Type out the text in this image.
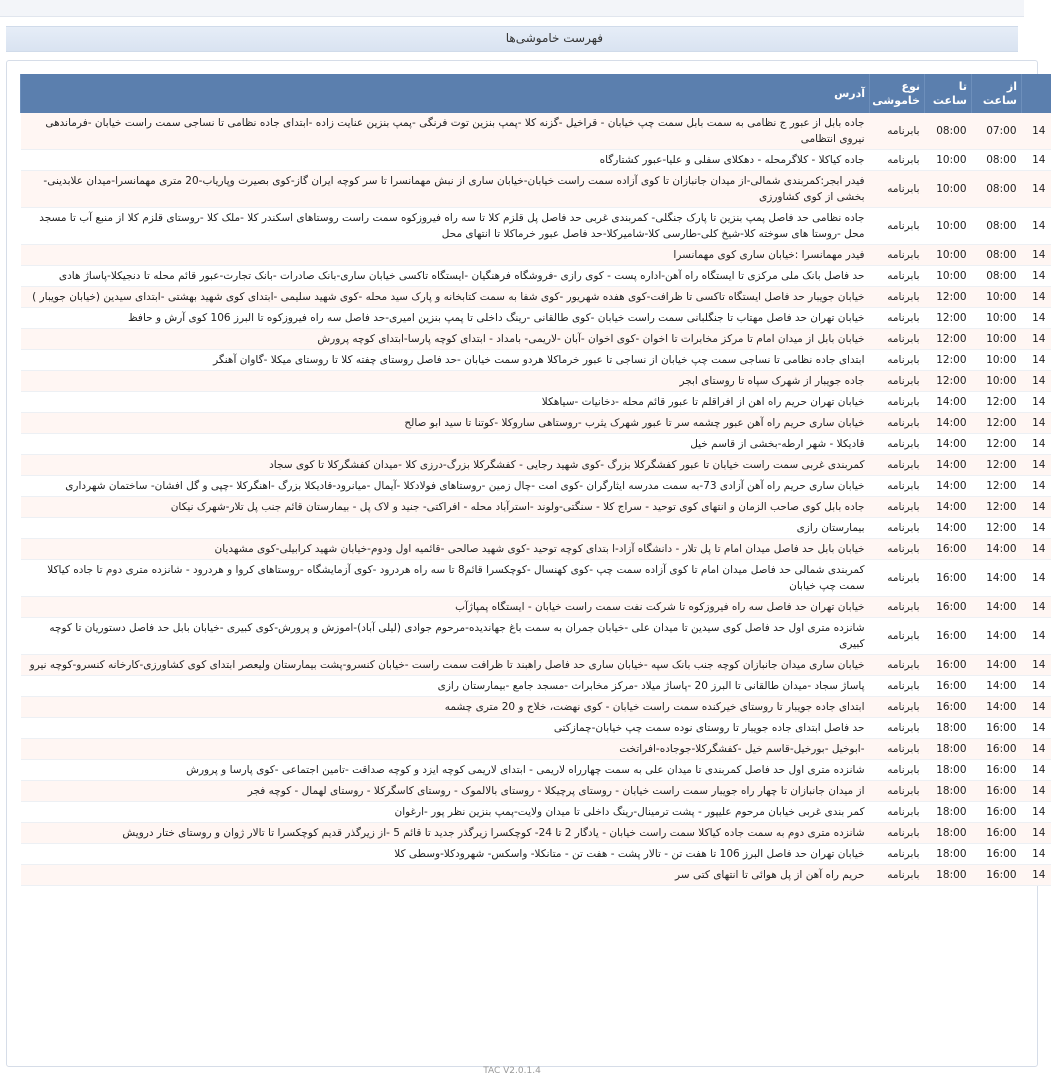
فهرست خاموشی‌ها
	از ساعت	تا ساعت	نوع خاموشی	آدرس
14	07:00	08:00	بابرنامه	جاده بابل از عبور ج نظامی به سمت بابل سمت چپ خیابان - قراخیل -گزنه کلا -پمپ بنزین توت فرنگی -پمپ بنزین عنایت زاده -ابتدای جاده نظامی تا نساجی سمت راست خیابان -فرماندهی نیروی انتظامی
14	08:00	10:00	بابرنامه	جاده کیاکلا - کلاگرمحله - دهکلای سفلی و علیا-عبور کشتارگاه
14	08:00	10:00	بابرنامه	فیدر ابجر:کمربندی شمالی-از میدان جانبازان تا کوی آزاده سمت راست خیابان-خیابان ساری از نبش مهمانسرا تا سر کوچه ایران گاز-کوی بصیرت وپاریاب-20 متری مهمانسرا-میدان علابدینی-بخشی از کوی کشاورزی
14	08:00	10:00	بابرنامه	جاده نظامی حد فاصل پمپ بنزین تا پارک جنگلی- کمربندی غربی حد فاصل پل قلزم کلا تا سه راه فیروزکوه سمت راست روستاهای اسکندر کلا -ملک کلا -روستای قلزم کلا از منبع آب تا مسجد محل -روستا های سوخته کلا-شیخ کلی-طارسی کلا-شامیرکلا-حد فاصل عبور خرماکلا تا انتهای محل
14	08:00	10:00	بابرنامه	فیدر مهمانسرا :خیابان ساری کوی مهمانسرا
14	08:00	10:00	بابرنامه	حد فاصل بانک ملی مرکزی تا ایستگاه راه آهن-اداره پست - کوی رازی -فروشگاه فرهنگیان -ایستگاه تاکسی خیابان ساری-بانک صادرات -بانک تجارت-عبور قائم محله تا دنجیکلا-پاساژ هادی
14	10:00	12:00	بابرنامه	خیابان جویبار حد فاصل ایستگاه تاکسی تا ظرافت-کوی هفده شهریور -کوی شفا به سمت کتابخانه و پارک سید محله -کوی شهید سلیمی -ابتدای کوی شهید بهشتی -ابتدای سیدین (خیابان جویبار )
14	10:00	12:00	بابرنامه	خیابان تهران حد فاصل مهتاب تا جنگلبانی سمت راست خیابان -کوی طالقانی -رینگ داخلی تا پمپ بنزین امیری-حد فاصل سه راه فیروزکوه تا البرز 106 کوی آرش و حافظ
14	10:00	12:00	بابرنامه	خیابان بابل از میدان امام تا مرکز مخابرات تا اخوان -کوی اخوان -آبان -لاریمی- بامداد - ابتدای کوچه پارسا-ابتدای کوچه پرورش
14	10:00	12:00	بابرنامه	ابتدای جاده نظامی تا نساجی سمت چپ خیابان از نساجی تا عبور خرماکلا هردو سمت خیابان -حد فاصل روستای چفته کلا تا روستای میکلا -گاوان آهنگر
14	10:00	12:00	بابرنامه	جاده جویبار از شهرک سپاه تا روستای ابجر
14	12:00	14:00	بابرنامه	خیابان تهران حریم راه اهن از افراقلم تا عبور قائم محله -دخانیات -سیاهکلا
14	12:00	14:00	بابرنامه	خیابان ساری حریم راه آهن عبور چشمه سر تا عبور شهرک یثرب -روستاهی ساروکلا -کوتنا تا سید ابو صالح
14	12:00	14:00	بابرنامه	قادیکلا - شهر ارطه-بخشی از قاسم خیل
14	12:00	14:00	بابرنامه	کمربندی غربی سمت راست خیابان تا عبور کفشگرکلا بزرگ -کوی شهید رجایی - کفشگرکلا بزرگ-درزی کلا -میدان کفشگرکلا تا کوی سجاد
14	12:00	14:00	بابرنامه	خیابان ساری حریم راه آهن آزادی 73-به سمت مدرسه ایثارگران -کوی امت -چال زمین -روستاهای فولادکلا -آیمال -میانرود-قادیکلا بزرگ -اهنگرکلا -چپی و گل افشان- ساختمان شهرداری
14	12:00	14:00	بابرنامه	جاده بابل کوی صاحب الزمان و انتهای کوی توحید - سراج کلا - سنگتی-ولوند -استرآباد محله - افراکتی- جنید و لاک پل - بیمارستان قائم جنب پل تلار-شهرک نیکان
14	12:00	14:00	بابرنامه	بیمارستان رازی
14	14:00	16:00	بابرنامه	خیابان بابل حد فاصل میدان امام تا پل تلار - دانشگاه آزاد-ا بتدای کوچه توحید -کوی شهید صالحی -قائمیه اول ودوم-خیابان شهید کرابیلی-کوی مشهدیان
14	14:00	16:00	بابرنامه	کمربندی شمالی حد فاصل میدان امام تا کوی آزاده سمت چپ -کوی کهنسال -کوچکسرا قائم8 تا سه راه هردرود -کوی آزمایشگاه -روستاهای کروا و هردرود - شانزده متری دوم تا جاده کیاکلا سمت چپ خیابان
14	14:00	16:00	بابرنامه	خیابان تهران حد فاصل سه راه فیروزکوه تا شرکت نفت سمت راست خیابان - ایستگاه پمپاژآب
14	14:00	16:00	بابرنامه	شانزده متری اول حد فاصل کوی سیدین تا میدان علی -خیابان جمران به سمت باغ جهاندیده-مرحوم جوادی (لیلی آباد)-اموزش و پرورش-کوی کبیری -خیابان بابل حد فاصل دستوریان تا کوچه کبیری
14	14:00	16:00	بابرنامه	خیابان ساری میدان جانبازان کوچه جنب بانک سپه -خیابان ساری حد فاصل راهبند تا ظرافت سمت راست -خیابان کنسرو-پشت بیمارستان ولیعصر ابتدای کوی کشاورزی-کارخانه کنسرو-کوچه نیرو
14	14:00	16:00	بابرنامه	پاساژ سجاد -میدان طالقانی تا البرز 20 -پاساژ میلاد -مرکز مخابرات -مسجد جامع -بیمارستان رازی
14	14:00	16:00	بابرنامه	ابتدای جاده جویبار تا روستای خیرکنده سمت راست خیابان - کوی نهضت، خلاج و 20 متری چشمه
14	16:00	18:00	بابرنامه	حد فاصل ابتدای جاده جویبار تا روستای نوده سمت چپ خیابان-چمازکتی
14	16:00	18:00	بابرنامه	-ابوخیل -بورخیل-قاسم خیل -کفشگرکلا-جوجاده-افراتخت
14	16:00	18:00	بابرنامه	شانزده متری اول حد فاصل کمربندی تا میدان علی به سمت چهارراه لاریمی - ابتدای لاریمی کوچه ایزد و کوچه صداقت -تامین اجتماعی -کوی پارسا و پرورش
14	16:00	18:00	بابرنامه	از میدان جانبازان تا چهار راه جویبار سمت راست خیابان - روستای پرچیکلا - روستای بالالموک - روستای کاسگرکلا - روستای لهمال - کوچه فجر
14	16:00	18:00	بابرنامه	کمر بندی غربی خیابان مرحوم علیپور - پشت ترمینال-رینگ داخلی تا میدان ولایت-پمپ بنزین نظر پور -ارغوان
14	16:00	18:00	بابرنامه	شانزده متری دوم به سمت جاده کیاکلا سمت راست خیابان - یادگار 2 تا 24- کوچکسرا زیرگذر جدید تا قائم 5 -از زیرگذر قدیم کوچکسرا تا تالار ژوان و روستای ختار درویش
14	16:00	18:00	بابرنامه	خیابان تهران حد فاصل البرز 106 تا هفت تن - تالار پشت - هفت تن - متانکلا- واسکس- شهرودکلا-وسطی کلا
14	16:00	18:00	بابرنامه	حریم راه آهن از پل هوائی تا انتهای کتی سر
TAC V2.0.1.4
